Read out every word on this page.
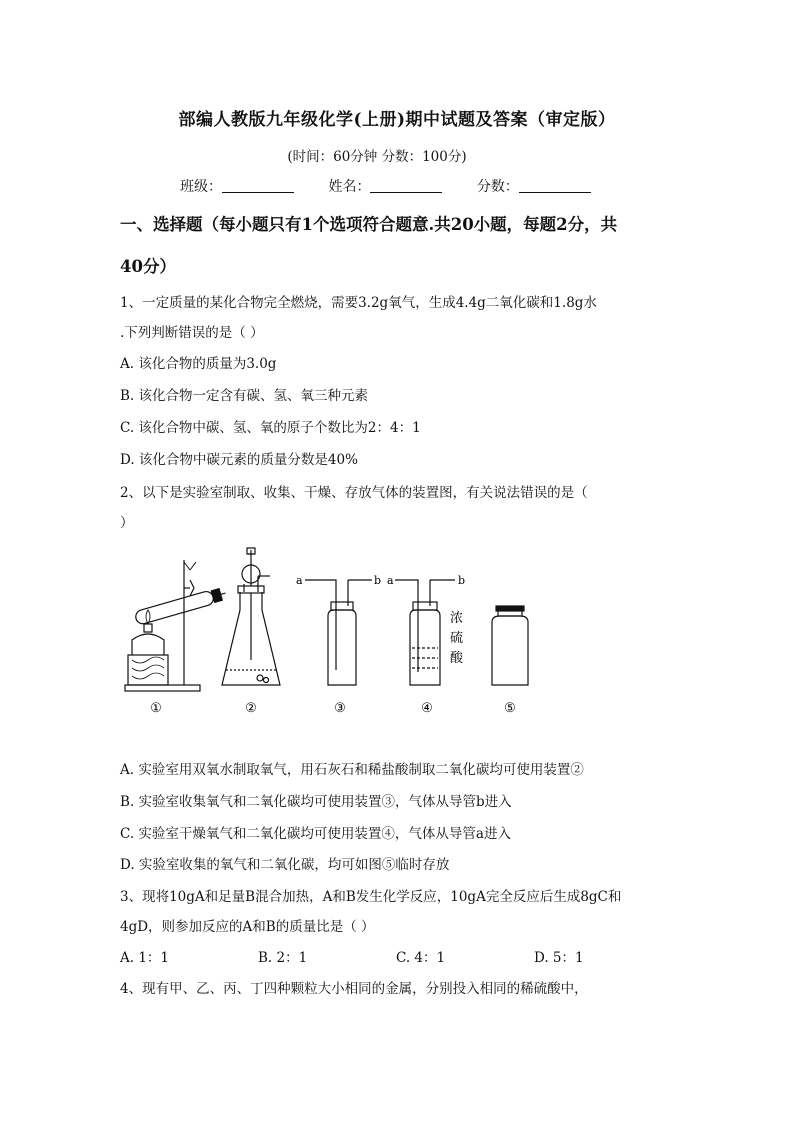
部编人教版九年级化学(上册)期中试题及答案（审定版）
(时间：60分钟 分数：100分)
班级：	姓名：	分数：
一、选择题（每小题只有1个选项符合题意.共20小题，每题2分，共
40分）
1、一定质量的某化合物完全燃烧，需要3.2g氧气，生成4.4g二氧化碳和1.8g水
.下列判断错误的是（ ）
A. 该化合物的质量为3.0g
B. 该化合物一定含有碳、氢、氧三种元素
C. 该化合物中碳、氢、氧的原子个数比为2：4：1
D. 该化合物中碳元素的质量分数是40%
2、以下是实验室制取、收集、干燥、存放气体的装置图，有关说法错误的是（
）
a	b a	b
浓
硫
酸
①	②	③	④	⑤
A. 实验室用双氧水制取氧气，用石灰石和稀盐酸制取二氧化碳均可使用装置②
B. 实验室收集氧气和二氧化碳均可使用装置③，气体从导管b进入
C. 实验室干燥氧气和二氧化碳均可使用装置④，气体从导管a进入
D. 实验室收集的氧气和二氧化碳，均可如图⑤临时存放
3、现将10gA和足量B混合加热，A和B发生化学反应，10gA完全反应后生成8gC和
4gD，则参加反应的A和B的质量比是（ ）
A. 1：1	B. 2：1	C. 4：1	D. 5：1
4、现有甲、乙、丙、丁四种颗粒大小相同的金属，分别投入相同的稀硫酸中，
